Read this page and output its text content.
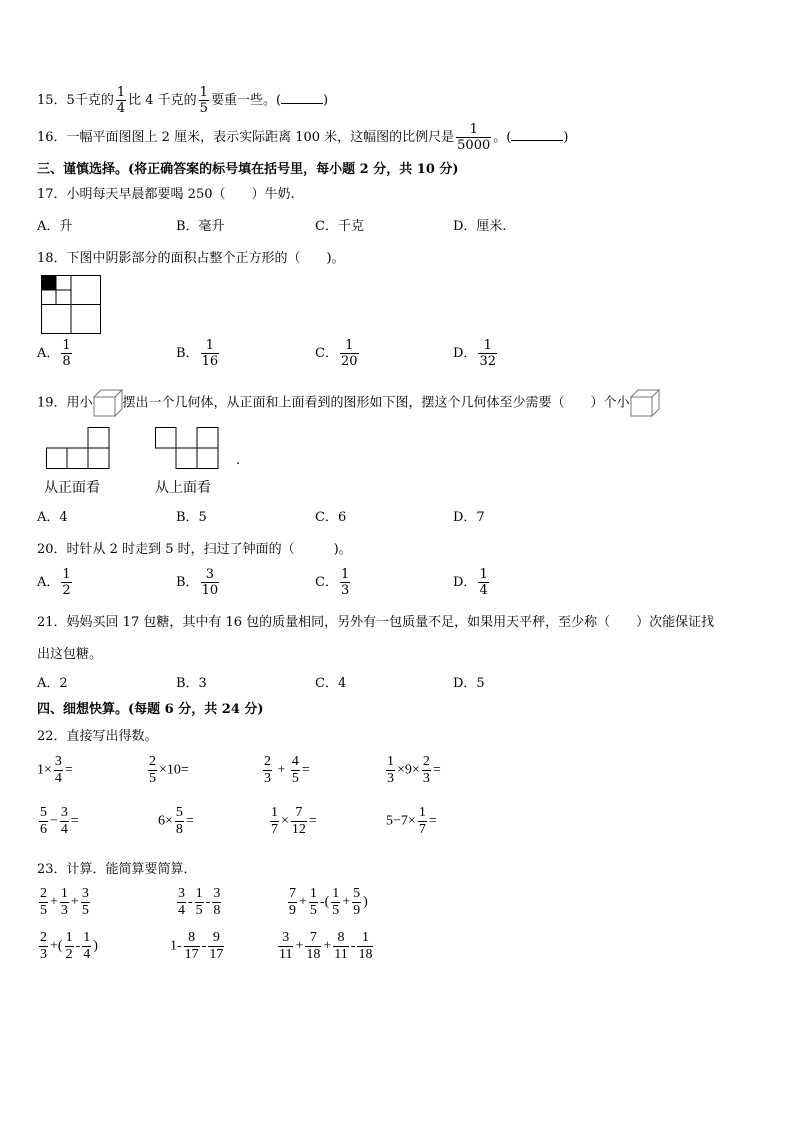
15．5千克的 $\frac{1}{4}$ 比 4 千克的 $\frac{1}{5}$ 要重一些。(	)
16．一幅平面图图上 2 厘米，表示实际距离 100 米，这幅图的比例尺是 $\frac{1}{5000}$ 。(	)
三、谨慎选择。(将正确答案的标号填在括号里，每小题 2 分，共 10 分)
17．小明每天早晨都要喝 250（　　）牛奶.
A．升	B．毫升	C．千克	D．厘米.
18．下图中阴影部分的面积占整个正方形的（　　)。
A． $\frac{1}{8}$	B． $\frac{1}{16}$	C． $\frac{1}{20}$	D． $\frac{1}{32}$
19．用小 摆出一个几何体，从正面和上面看到的图形如下图，摆这个几何体至少需要（　　）个小
.
从正面看	从上面看
A．4	B．5	C．6	D．7
20．时针从 2 时走到 5 时，扫过了钟面的（　　　)。
A． $\frac{1}{2}$	B． $\frac{3}{10}$	C． $\frac{1}{3}$	D． $\frac{1}{4}$
21．妈妈买回 17 包糖，其中有 16 包的质量相同，另外有一包质量不足，如果用天平秤，至少称（　　）次能保证找
出这包糖。
A．2	B．3	C．4	D．5
四、细想快算。(每题 6 分，共 24 分)
22．直接写出得数。
$1\times \frac{3}{4}$ =	$\frac{2}{5} \times 10=$	$\frac{2}{3} + \frac{4}{5}$ =	$\frac{1}{3} \times 9\times \frac{2}{3}$ =
$\frac{5}{6} - \frac{3}{4}$ =	$6\times \frac{5}{8}$ =	$\frac{1}{7} \times \frac{7}{12}$ =	$5-7\times \frac{1}{7}$ =
23．计算．能简算要简算．
$\frac{2}{5} + \frac{1}{3} + \frac{3}{5}$	$\frac{3}{4} - \frac{1}{5} - \frac{3}{8}$	$\frac{7}{9} + \frac{1}{5}$ -( $\frac{1}{5} + \frac{5}{9}$ )
$\frac{2}{3}$ +( $\frac{1}{2} - \frac{1}{4}$ )	$1- \frac{8}{17} - \frac{9}{17}$	$\frac{3}{11} + \frac{7}{18} + \frac{8}{11} - \frac{1}{18}$
